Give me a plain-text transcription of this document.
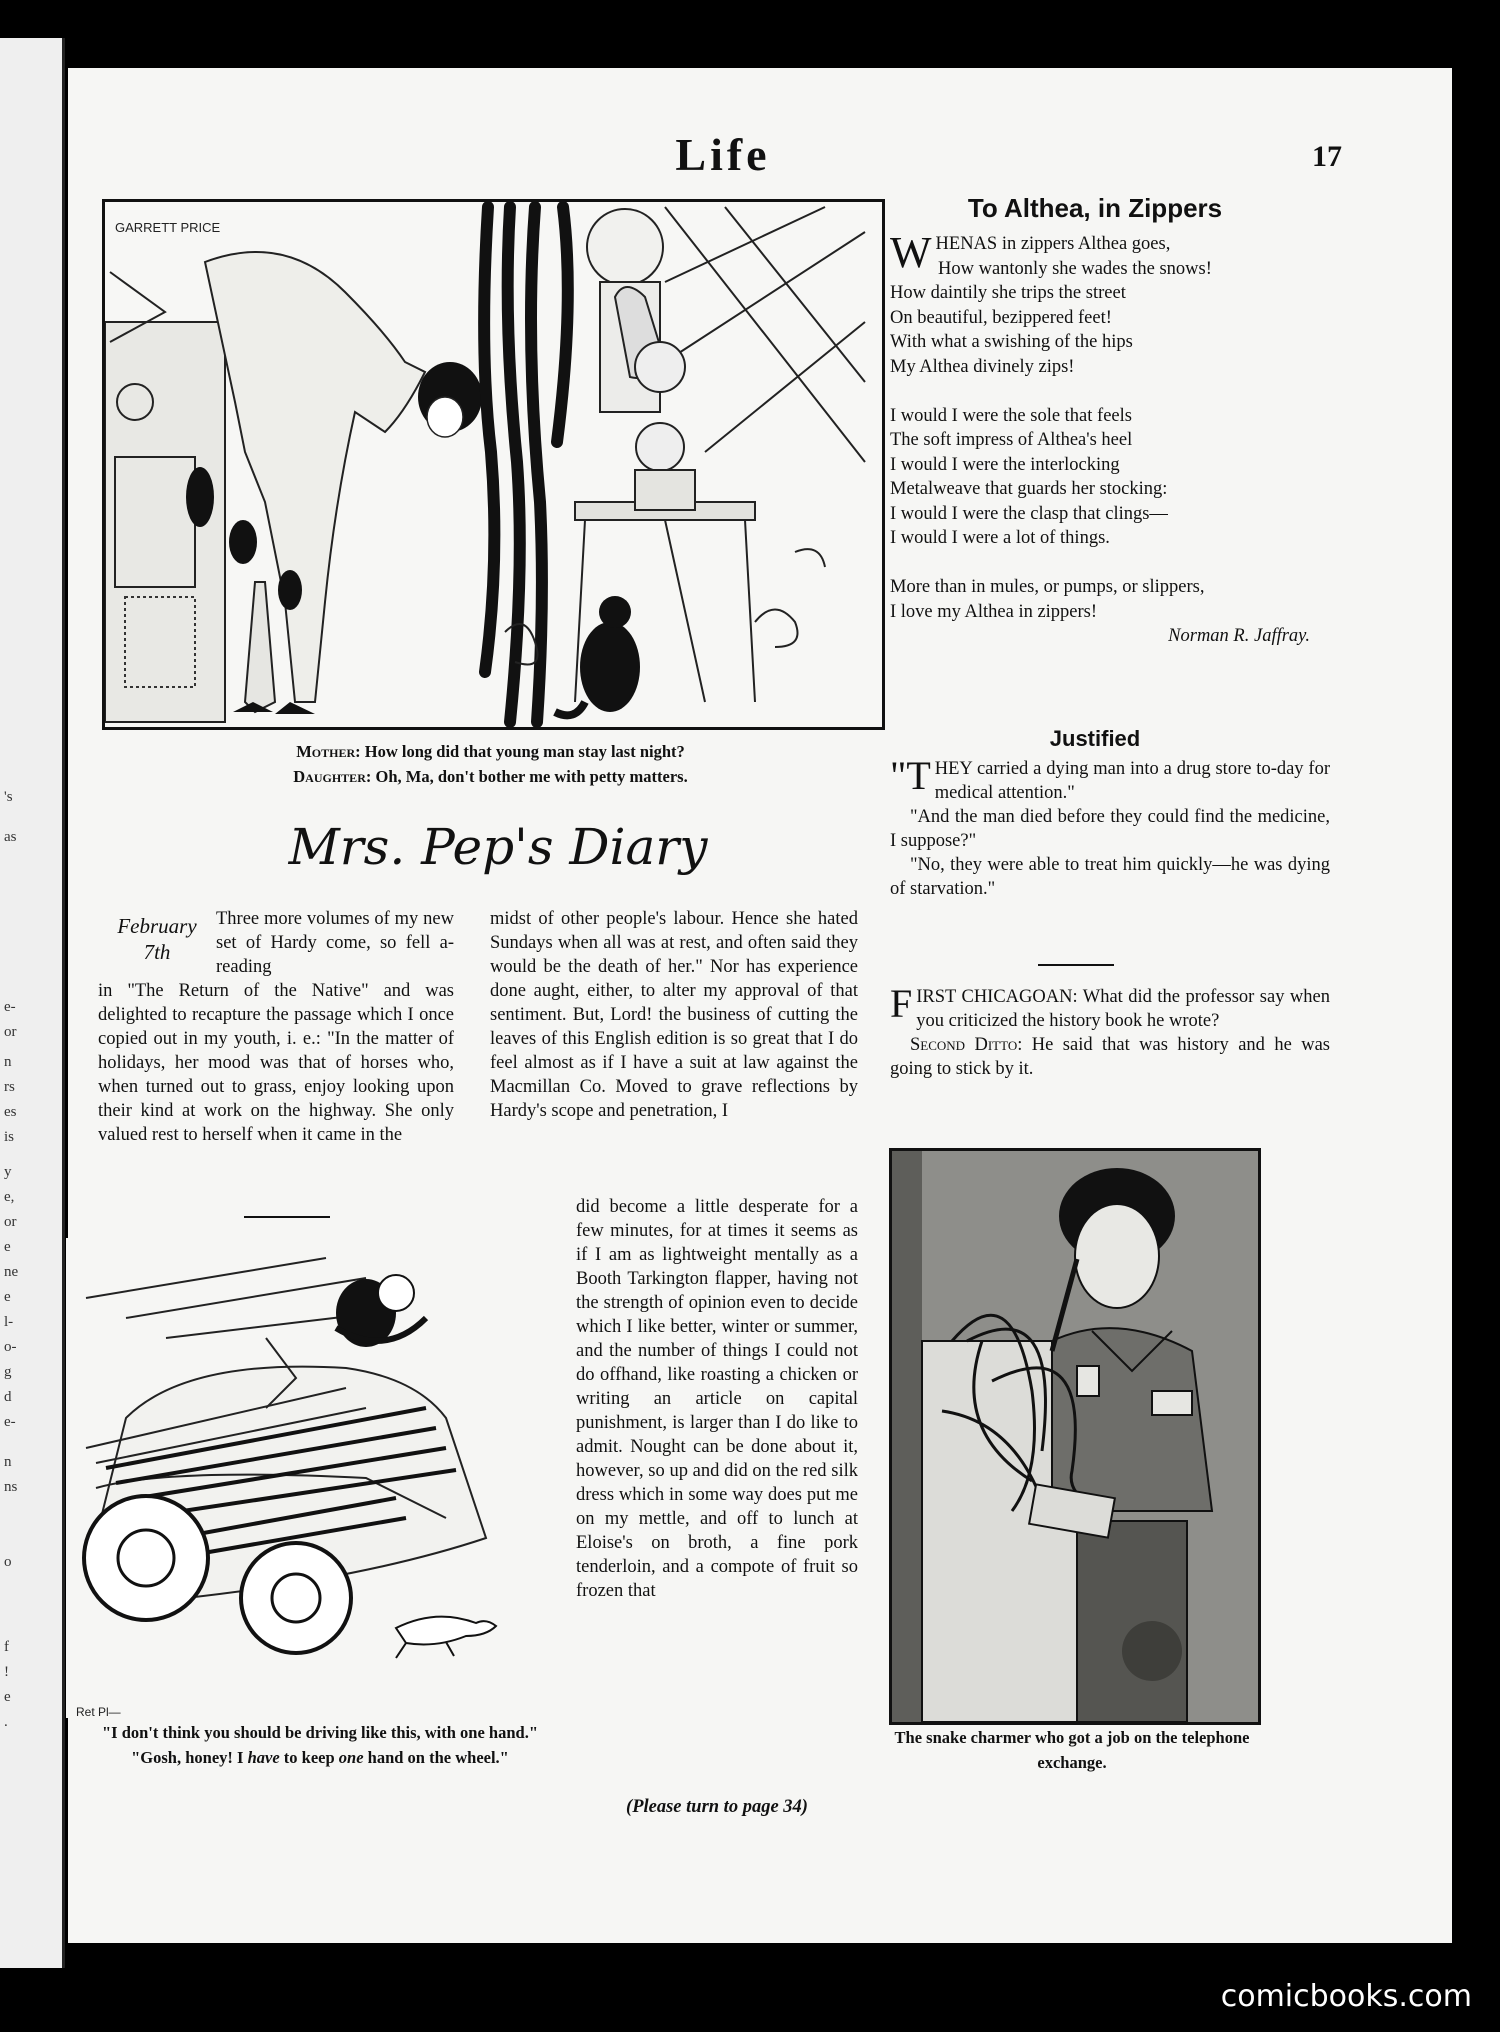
's
as
e-
or
n
rs
es
is
y
e,
or
e
ne
e
l-
o-
g
d
e-
n
ns
o
f
!
e
.
Life	17
GARRETT PRICE
Mother: How long did that young man stay last night?
Daughter: Oh, Ma, don't bother me with petty matters.
Mrs. Pep's Diary
February
7th
Three more volumes of my new set of Hardy come, so fell a-reading
in "The Return of the Native" and was delighted to recapture the passage which I once copied out in my youth, i. e.: "In the matter of holidays, her mood was that of horses who, when turned out to grass, enjoy looking upon their kind at work on the highway. She only valued rest to herself when it came in the
midst of other people's labour. Hence she hated Sundays when all was at rest, and often said they would be the death of her." Nor has experience done aught, either, to alter my approval of that sentiment. But, Lord! the business of cutting the leaves of this English edition is so great that I do feel almost as if I have a suit at law against the Macmillan Co. Moved to grave reflections by Hardy's scope and penetration, I
did become a little desperate for a few minutes, for at times it seems as if I am as lightweight mentally as a Booth Tarkington flapper, having not the strength of opinion even to decide which I like better, winter or summer, and the number of things I could not do offhand, like roasting a chicken or writing an article on capital punishment, is larger than I do like to admit. Nought can be done about it, however, so up and did on the red silk dress which in some way does put me on my mettle, and off to lunch at Eloise's on broth, a fine pork tenderloin, and a compote of fruit so frozen that
(Please turn to page 34)
Ret Pl—
"I don't think you should be driving like this, with one hand."
"Gosh, honey! I have to keep one hand on the wheel."
To Althea, in Zippers

WHENAS in zippers Althea goes,

How wantonly she wades the snows!

How daintily she trips the street

On beautiful, bezippered feet!

With what a swishing of the hips

My Althea divinely zips!

I would I were the sole that feels

The soft impress of Althea's heel

I would I were the interlocking

Metalweave that guards her stocking:

I would I were the clasp that clings—

I would I were a lot of things.

More than in mules, or pumps, or slippers,

I love my Althea in zippers!

Norman R. Jaffray.

Justified

"THEY carried a dying man into a drug store to-day for medical attention."

"And the man died before they could find the medicine, I suppose?"

"No, they were able to treat him quickly—he was dying of starvation."

FIRST CHICAGOAN: What did the professor say when you criticized the history book he wrote?

Second Ditto: He said that was history and he was going to stick by it.

The snake charmer who got a job on the telephone exchange.
comicbooks.com
